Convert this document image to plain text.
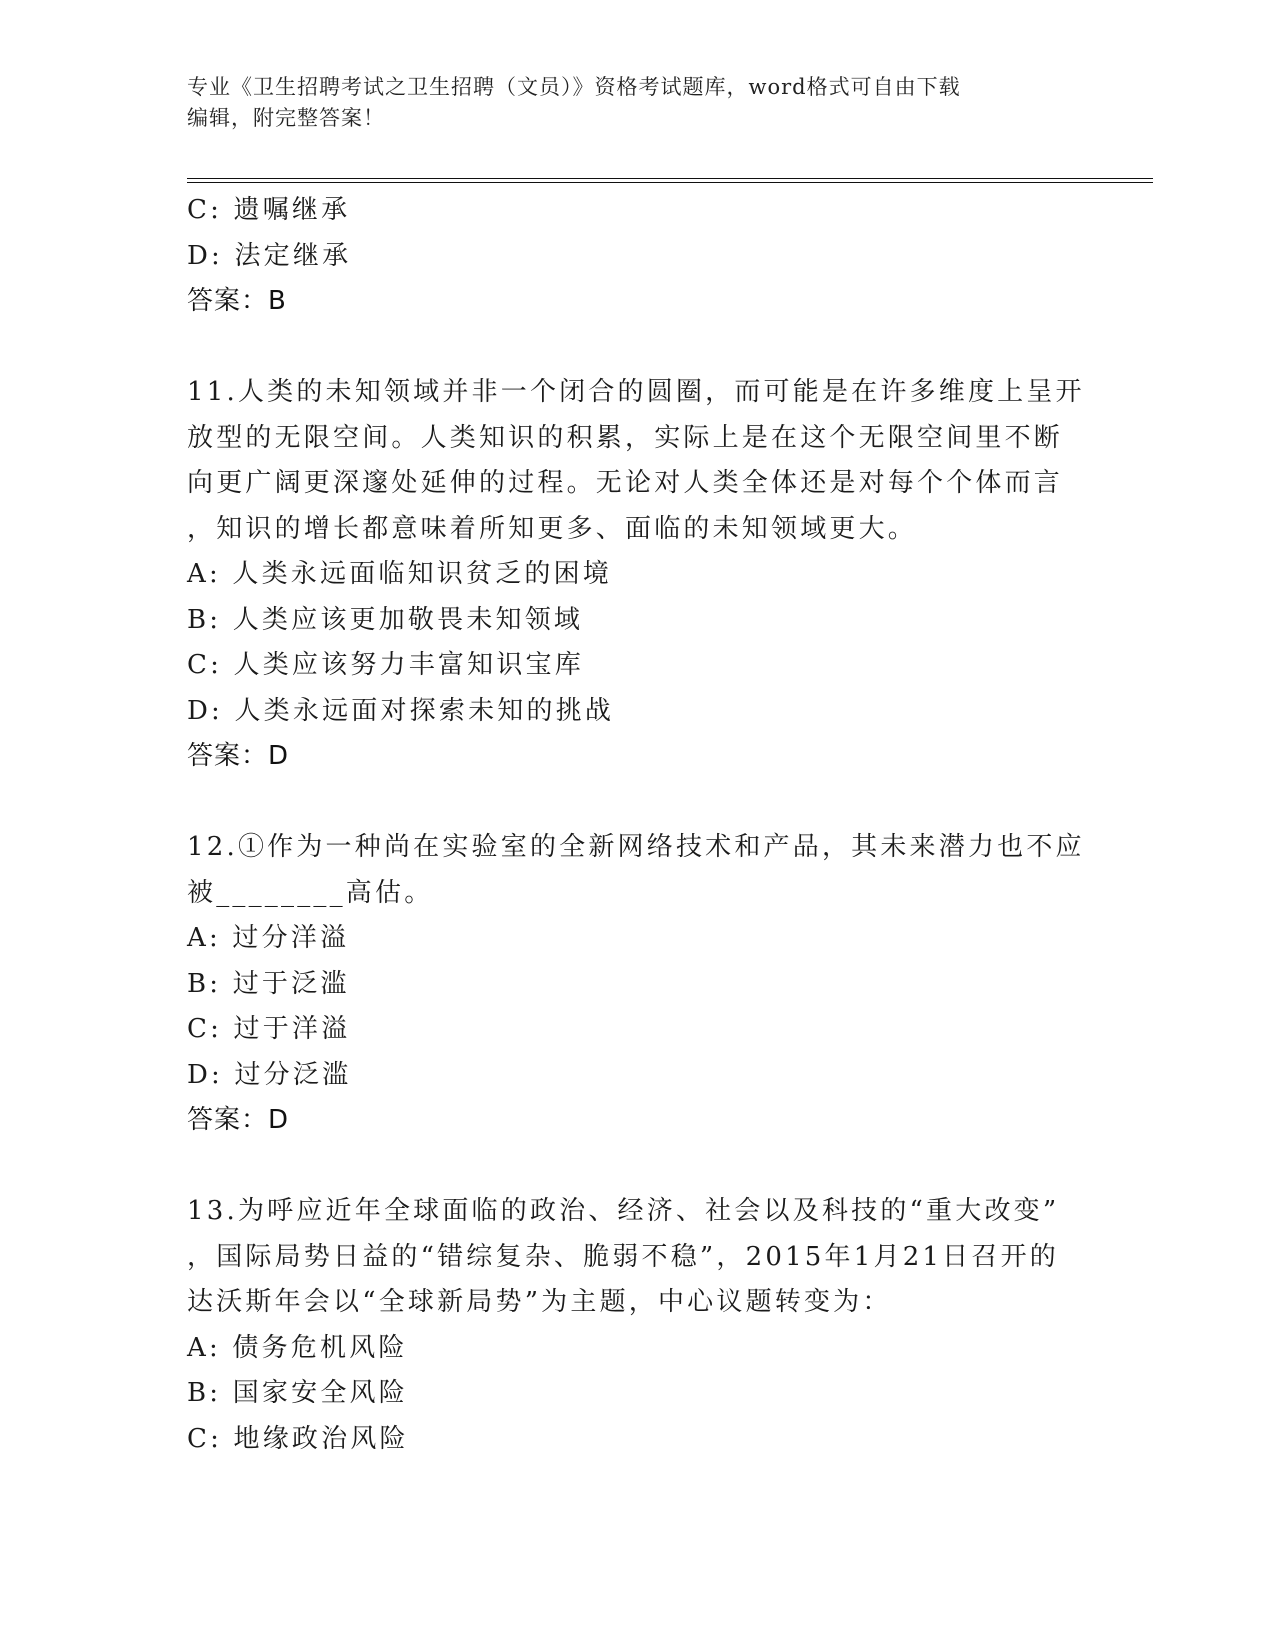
专业《卫生招聘考试之卫生招聘（文员）》资格考试题库，word格式可自由下载
编辑，附完整答案！
C: 遗嘱继承
D: 法定继承
答案：B
11.人类的未知领域并非一个闭合的圆圈，而可能是在许多维度上呈开
放型的无限空间。人类知识的积累，实际上是在这个无限空间里不断
向更广阔更深邃处延伸的过程。无论对人类全体还是对每个个体而言
，知识的增长都意味着所知更多、面临的未知领域更大。
A: 人类永远面临知识贫乏的困境
B: 人类应该更加敬畏未知领域
C: 人类应该努力丰富知识宝库
D: 人类永远面对探索未知的挑战
答案：D
12.①作为一种尚在实验室的全新网络技术和产品，其未来潜力也不应
被________高估。
A: 过分洋溢
B: 过于泛滥
C: 过于洋溢
D: 过分泛滥
答案：D
13.为呼应近年全球面临的政治、经济、社会以及科技的“重大改变”
，国际局势日益的“错综复杂、脆弱不稳”，2015年1月21日召开的
达沃斯年会以“全球新局势”为主题，中心议题转变为：
A: 债务危机风险
B: 国家安全风险
C: 地缘政治风险
